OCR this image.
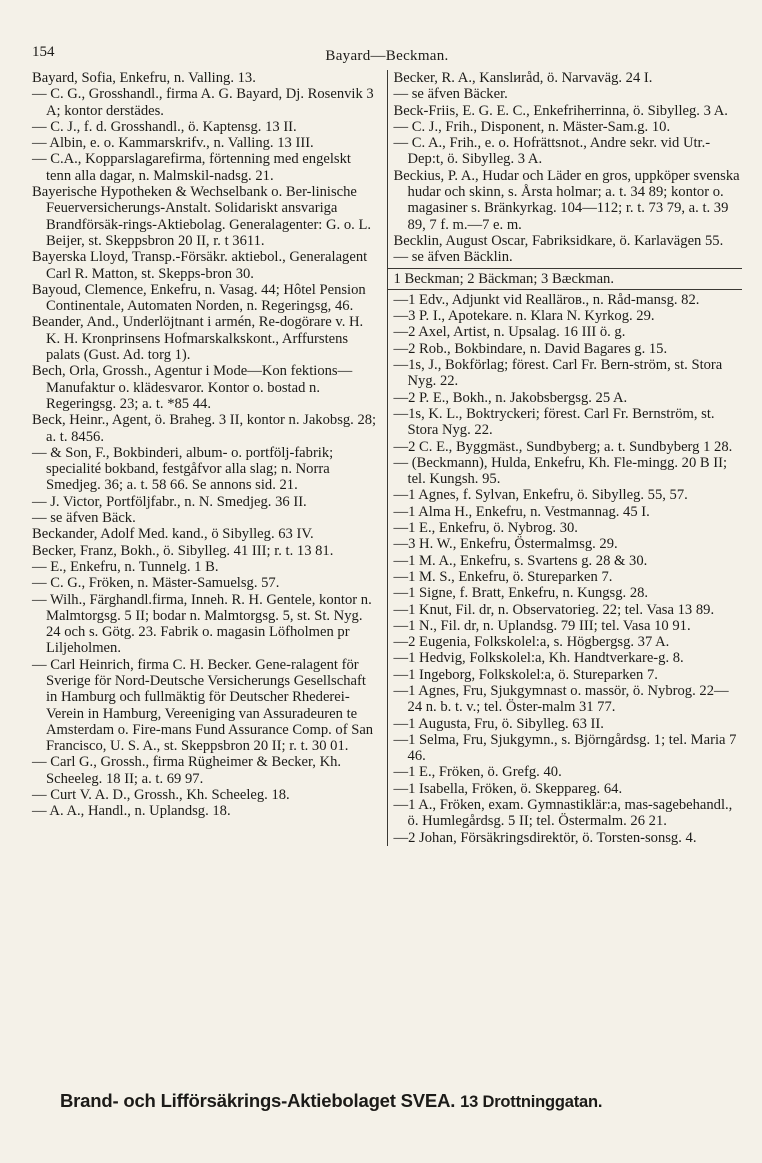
154	Bayard—Beckman.
Bayard, Sofia, Enkefru, n. Valling. 13.
— C. G., Grosshandl., firma A. G. Bayard, Dj. Rosenvik 3 A; kontor derstädes.
— C. J., f. d. Grosshandl., ö. Kaptensg. 13 II.
— Albin, e. o. Kammarskrifv., n. Valling. 13 III.
— C.A., Kopparslagarefirma, förtenning med engelskt tenn alla dagar, n. Malmskil-nadsg. 21.
Bayerische Hypotheken & Wechselbank o. Ber-linische Feuerversicherungs-Anstalt. Solidariskt ansvariga Brandförsäk-rings-Aktiebolag. Generalagenter: G. o. L. Beijer, st. Skeppsbron 20 II, r. t 3611.
Bayerska Lloyd, Transp.-Försäkr. aktiebol., Generalagent Carl R. Matton, st. Skepps-bron 30.
Bayoud, Clemence, Enkefru, n. Vasag. 44; Hôtel Pension Continentale, Automaten Norden, n. Regeringsg, 46.
Beander, And., Underlöjtnant i armén, Re-dogörare v. H. K. H. Kronprinsens Hofmarskalkskont., Arffurstens palats (Gust. Ad. torg 1).
Bech, Orla, Grossh., Agentur i Mode—Kon fektions—Manufaktur o. klädesvaror. Kontor o. bostad n. Regeringsg. 23; a. t. *85 44.
Beck, Heinr., Agent, ö. Braheg. 3 II, kontor n. Jakobsg. 28; a. t. 8456.
— & Son, F., Bokbinderi, album- o. portfölj-fabrik; specialité bokband, festgåfvor alla slag; n. Norra Smedjeg. 36; a. t. 58 66. Se annons sid. 21.
— J. Victor, Portföljfabr., n. N. Smedjeg. 36 II.
— se äfven Bäck.
Beckander, Adolf Med. kand., ö Sibylleg. 63 IV.
Becker, Franz, Bokh., ö. Sibylleg. 41 III; r. t. 13 81.
— E., Enkefru, n. Tunnelg. 1 B.
— C. G., Fröken, n. Mäster-Samuelsg. 57.
— Wilh., Färghandl.firma, Inneh. R. H. Gentele, kontor n. Malmtorgsg. 5 II; bodar n. Malmtorgsg. 5, st. St. Nyg. 24 och s. Götg. 23. Fabrik o. magasin Löfholmen pr Liljeholmen.
— Carl Heinrich, firma C. H. Becker. Gene-ralagent för Sverige för Nord-Deutsche Versicherungs Gesellschaft in Hamburg och fullmäktig för Deutscher Rhederei-Verein in Hamburg, Vereeniging van Assuradeuren te Amsterdam o. Fire-mans Fund Assurance Comp. of San Francisco, U. S. A., st. Skeppsbron 20 II; r. t. 30 01.
— Carl G., Grossh., firma Rügheimer & Becker, Kh. Scheeleg. 18 II; a. t. 69 97.
— Curt V. A. D., Grossh., Kh. Scheeleg. 18.
— A. A., Handl., n. Uplandsg. 18.
Becker, R. A., Kanslиråd, ö. Narvaväg. 24 I.
— se äfven Bäcker.
Beck-Friis, E. G. E. C., Enkefriherrinna, ö. Sibylleg. 3 A.
— C. J., Frih., Disponent, n. Mäster-Sam.g. 10.
— C. A., Frih., e. o. Hofrättsnot., Andre sekr. vid Utr.-Dep:t, ö. Sibylleg. 3 A.
Beckius, P. A., Hudar och Läder en gros, uppköper svenska hudar och skinn, s. Årsta holmar; a. t. 34 89; kontor o. magasiner s. Bränkyrkag. 104—112; r. t. 73 79, a. t. 39 89, 7 f. m.—7 e. m.
Becklin, August Oscar, Fabriksidkare, ö. Karlavägen 55.
— se äfven Bäcklin.
1 Beckman; 2 Bäckman; 3 Bæckman.
—1 Edv., Adjunkt vid Realläroв., n. Råd-mansg. 82.
—3 P. I., Apotekare. n. Klara N. Kyrkog. 29.
—2 Axel, Artist, n. Upsalag. 16 III ö. g.
—2 Rob., Bokbindare, n. David Bagares g. 15.
—1s, J., Bokförlag; förest. Carl Fr. Bern-ström, st. Stora Nyg. 22.
—2 P. E., Bokh., n. Jakobsbergsg. 25 A.
—1s, K. L., Boktryckeri; förest. Carl Fr. Bernström, st. Stora Nyg. 22.
—2 C. E., Byggmäst., Sundbyberg; a. t. Sundbyberg 1 28.
— (Beckmann), Hulda, Enkefru, Kh. Fle-mingg. 20 B II; tel. Kungsh. 95.
—1 Agnes, f. Sylvan, Enkefru, ö. Sibylleg. 55, 57.
—1 Alma H., Enkefru, n. Vestmannag. 45 I.
—1 E., Enkefru, ö. Nybrog. 30.
—3 H. W., Enkefru, Östermalmsg. 29.
—1 M. A., Enkefru, s. Svartens g. 28 & 30.
—1 M. S., Enkefru, ö. Stureparken 7.
—1 Signe, f. Bratt, Enkefru, n. Kungsg. 28.
—1 Knut, Fil. dr, n. Observatorieg. 22; tel. Vasa 13 89.
—1 N., Fil. dr, n. Uplandsg. 79 III; tel. Vasa 10 91.
—2 Eugenia, Folkskolel:a, s. Högbergsg. 37 A.
—1 Hedvig, Folkskolel:a, Kh. Handtverkare-g. 8.
—1 Ingeborg, Folkskolel:a, ö. Stureparken 7.
—1 Agnes, Fru, Sjukgymnast o. massör, ö. Nybrog. 22—24 n. b. t. v.; tel. Öster-malm 31 77.
—1 Augusta, Fru, ö. Sibylleg. 63 II.
—1 Selma, Fru, Sjukgymn., s. Björngårdsg. 1; tel. Maria 7 46.
—1 E., Fröken, ö. Grefg. 40.
—1 Isabella, Fröken, ö. Skeppareg. 64.
—1 A., Fröken, exam. Gymnastiklär:a, mas-sagebehandl., ö. Humlegårdsg. 5 II; tel. Östermalm. 26 21.
—2 Johan, Försäkringsdirektör, ö. Torsten-sonsg. 4.
Brand- och Lifförsäkrings-Aktiebolaget SVEA. 13 Drottninggatan.
